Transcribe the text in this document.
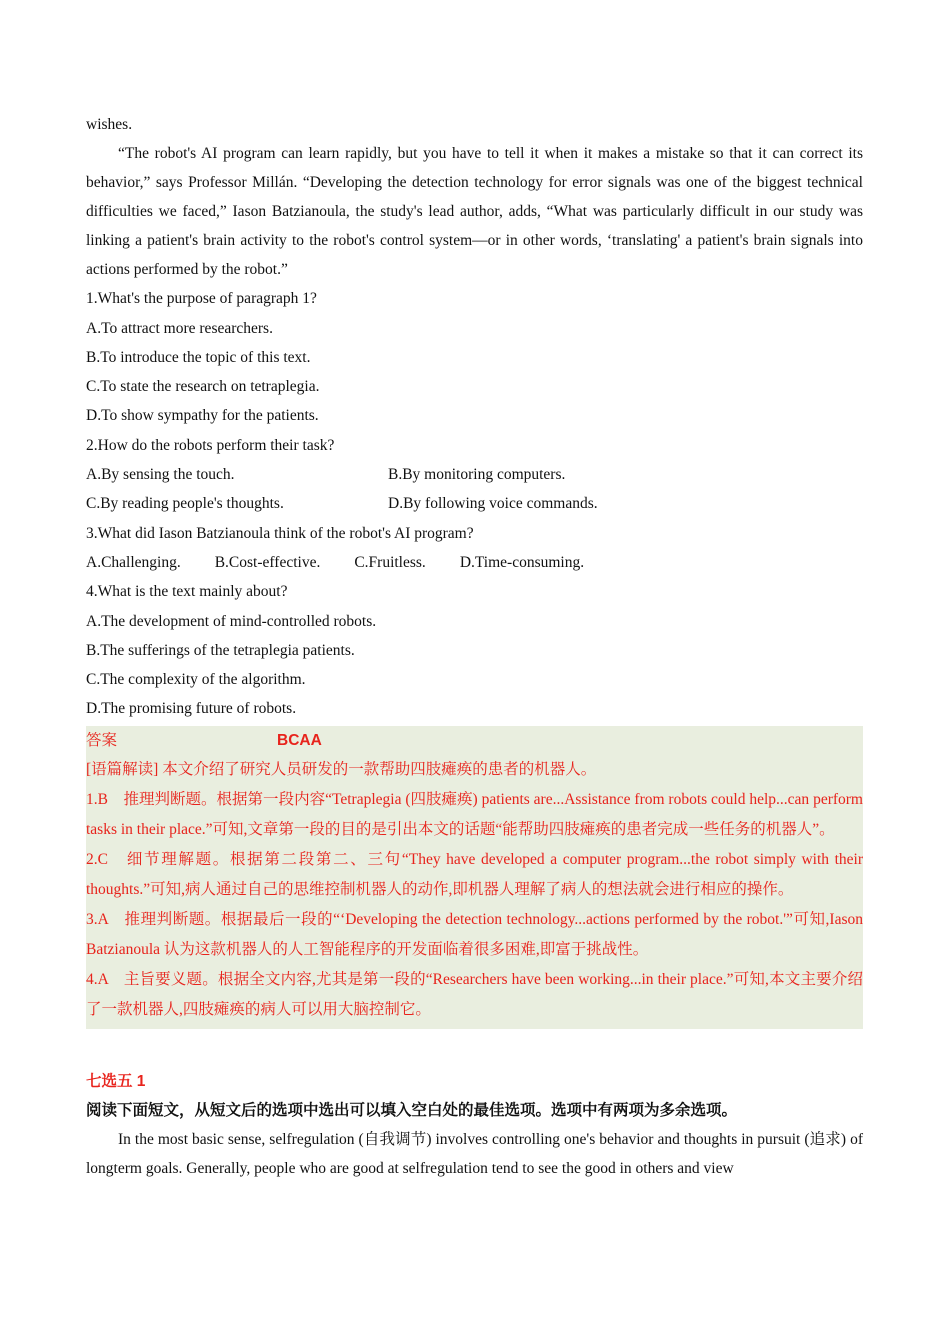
wishes.

“The robot's AI program can learn rapidly, but you have to tell it when it makes a mistake so that it can correct its behavior,” says Professor Millán. “Developing the detection technology for error signals was one of the biggest technical difficulties we faced,” Iason Batzianoula, the study's lead author, adds, “What was particularly difficult in our study was linking a patient's brain activity to the robot's control system—or in other words, ‘translating' a patient's brain signals into actions performed by the robot.”

1.What's the purpose of paragraph 1?

A.To attract more researchers.

B.To introduce the topic of this text.

C.To state the research on tetraplegia.

D.To show sympathy for the patients.

2.How do the robots perform their task?

A.By sensing the touch.	B.By monitoring computers.
C.By reading people's thoughts.	D.By following voice commands.

3.What did Iason Batzianoula think of the robot's AI program?

A.Challenging. B.Cost-effective. C.Fruitless. D.Time-consuming.

4.What is the text mainly about?

A.The development of mind-controlled robots.

B.The sufferings of the tetraplegia patients.

C.The complexity of the algorithm.

D.The promising future of robots.

答案	BCAA

[语篇解读] 本文介绍了研究人员研发的一款帮助四肢瘫痪的患者的机器人。

1.B　推理判断题。根据第一段内容“Tetraplegia (四肢瘫痪) patients are...Assistance from robots could help...can perform tasks in their place.”可知,文章第一段的目的是引出本文的话题“能帮助四肢瘫痪的患者完成一些任务的机器人”。

2.C　细节理解题。根据第二段第二、三句“They have developed a computer program...the robot simply with their thoughts.”可知,病人通过自己的思维控制机器人的动作,即机器人理解了病人的想法就会进行相应的操作。

3.A　推理判断题。根据最后一段的“‘Developing the detection technology...actions performed by the robot.'”可知,Iason Batzianoula 认为这款机器人的人工智能程序的开发面临着很多困难,即富于挑战性。

4.A　主旨要义题。根据全文内容,尤其是第一段的“Researchers have been working...in their place.”可知,本文主要介绍了一款机器人,四肢瘫痪的病人可以用大脑控制它。

七选五 1

阅读下面短文，从短文后的选项中选出可以填入空白处的最佳选项。选项中有两项为多余选项。

In the most basic sense, selfregulation (自我调节) involves controlling one's behavior and thoughts in pursuit (追求) of longterm goals. Generally, people who are good at selfregulation tend to see the good in others and view
